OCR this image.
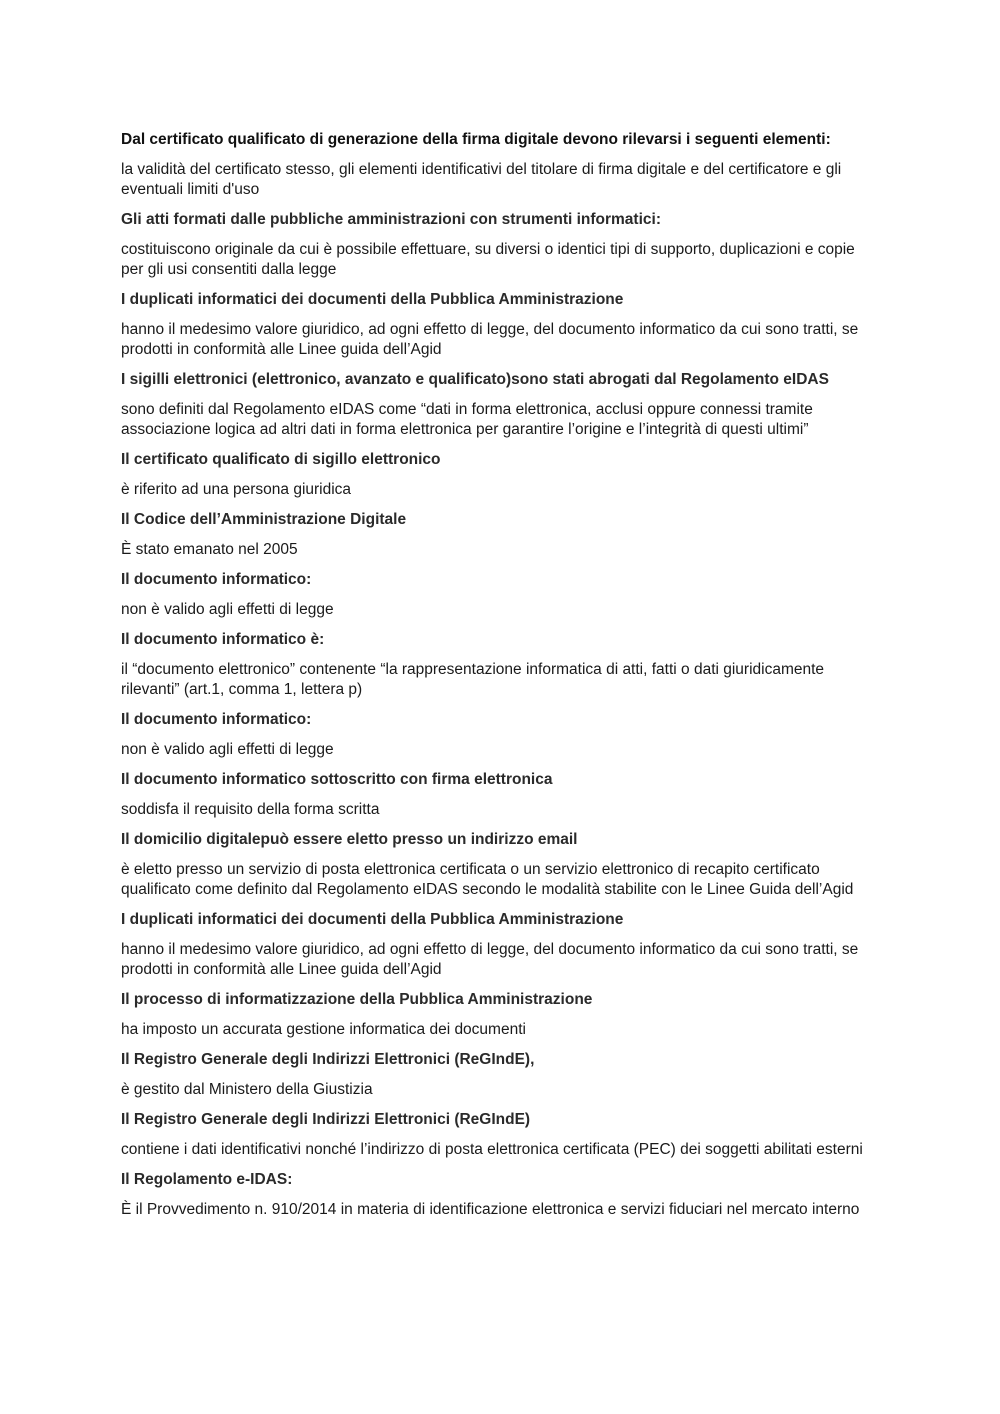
Dal certificato qualificato di generazione della firma digitale devono rilevarsi i seguenti elementi:

la validità del certificato stesso, gli elementi identificativi del titolare di firma digitale e del certificatore e gli eventuali limiti d'uso

Gli atti formati dalle pubbliche amministrazioni con strumenti informatici:

costituiscono originale da cui è possibile effettuare, su diversi o identici tipi di supporto, duplicazioni e copie per gli usi consentiti dalla legge

I duplicati informatici dei documenti della Pubblica Amministrazione

hanno il medesimo valore giuridico, ad ogni effetto di legge, del documento informatico da cui sono tratti, se prodotti in conformità alle Linee guida dell’Agid

I sigilli elettronici (elettronico, avanzato e qualificato)sono stati abrogati dal Regolamento eIDAS

sono definiti dal Regolamento eIDAS come “dati in forma elettronica, acclusi oppure connessi tramite associazione logica ad altri dati in forma elettronica per garantire l’origine e l’integrità di questi ultimi”

Il certificato qualificato di sigillo elettronico

è riferito ad una persona giuridica

Il Codice dell’Amministrazione Digitale

È stato emanato nel 2005

Il documento informatico:

non è valido agli effetti di legge

Il documento informatico è:

il “documento elettronico” contenente “la rappresentazione informatica di atti, fatti o dati giuridicamente rilevanti” (art.1, comma 1, lettera p)

Il documento informatico:

non è valido agli effetti di legge

Il documento informatico sottoscritto con firma elettronica

soddisfa il requisito della forma scritta

Il domicilio digitalepuò essere eletto presso un indirizzo email

è eletto presso un servizio di posta elettronica certificata o un servizio elettronico di recapito certificato qualificato come definito dal Regolamento eIDAS secondo le modalità stabilite con le Linee Guida dell’Agid

I duplicati informatici dei documenti della Pubblica Amministrazione

hanno il medesimo valore giuridico, ad ogni effetto di legge, del documento informatico da cui sono tratti, se prodotti in conformità alle Linee guida dell’Agid

Il processo di informatizzazione della Pubblica Amministrazione

ha imposto un accurata gestione informatica dei documenti

Il Registro Generale degli Indirizzi Elettronici (ReGIndE),

è gestito dal Ministero della Giustizia

Il Registro Generale degli Indirizzi Elettronici (ReGIndE)

contiene i dati identificativi nonché l’indirizzo di posta elettronica certificata (PEC) dei soggetti abilitati esterni

Il Regolamento e-IDAS:

È il Provvedimento n. 910/2014 in materia di identificazione elettronica e servizi fiduciari nel mercato interno
